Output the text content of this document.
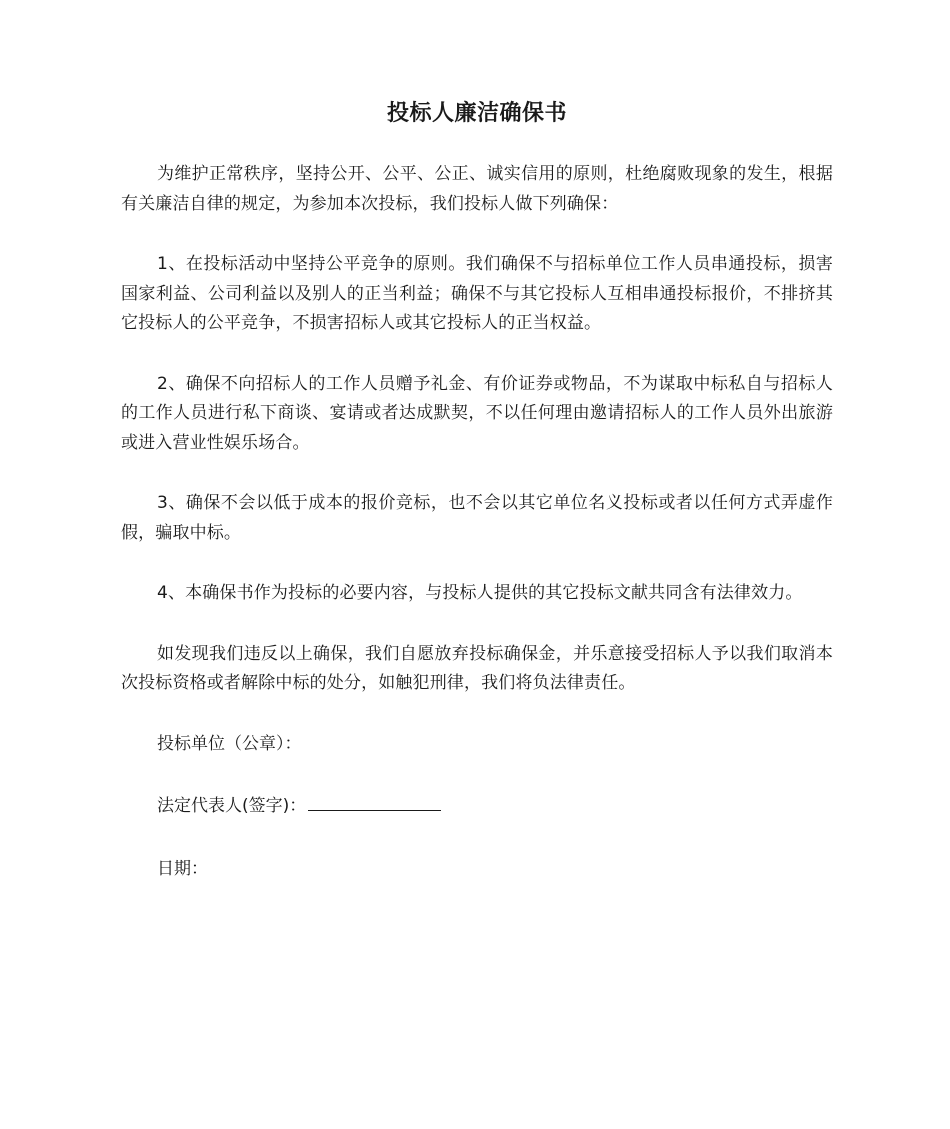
投标人廉洁确保书

为维护正常秩序，坚持公开、公平、公正、诚实信用的原则，杜绝腐败现象的发生，根据有关廉洁自律的规定，为参加本次投标，我们投标人做下列确保：

1、在投标活动中坚持公平竞争的原则。我们确保不与招标单位工作人员串通投标，损害国家利益、公司利益以及别人的正当利益；确保不与其它投标人互相串通投标报价，不排挤其它投标人的公平竞争，不损害招标人或其它投标人的正当权益。

2、确保不向招标人的工作人员赠予礼金、有价证券或物品，不为谋取中标私自与招标人的工作人员进行私下商谈、宴请或者达成默契，不以任何理由邀请招标人的工作人员外出旅游或进入营业性娱乐场合。

3、确保不会以低于成本的报价竞标，也不会以其它单位名义投标或者以任何方式弄虚作假，骗取中标。

4、本确保书作为投标的必要内容，与投标人提供的其它投标文献共同含有法律效力。

如发现我们违反以上确保，我们自愿放弃投标确保金，并乐意接受招标人予以我们取消本次投标资格或者解除中标的处分，如触犯刑律，我们将负法律责任。

投标单位（公章）：
法定代表人(签字)：
日期：
